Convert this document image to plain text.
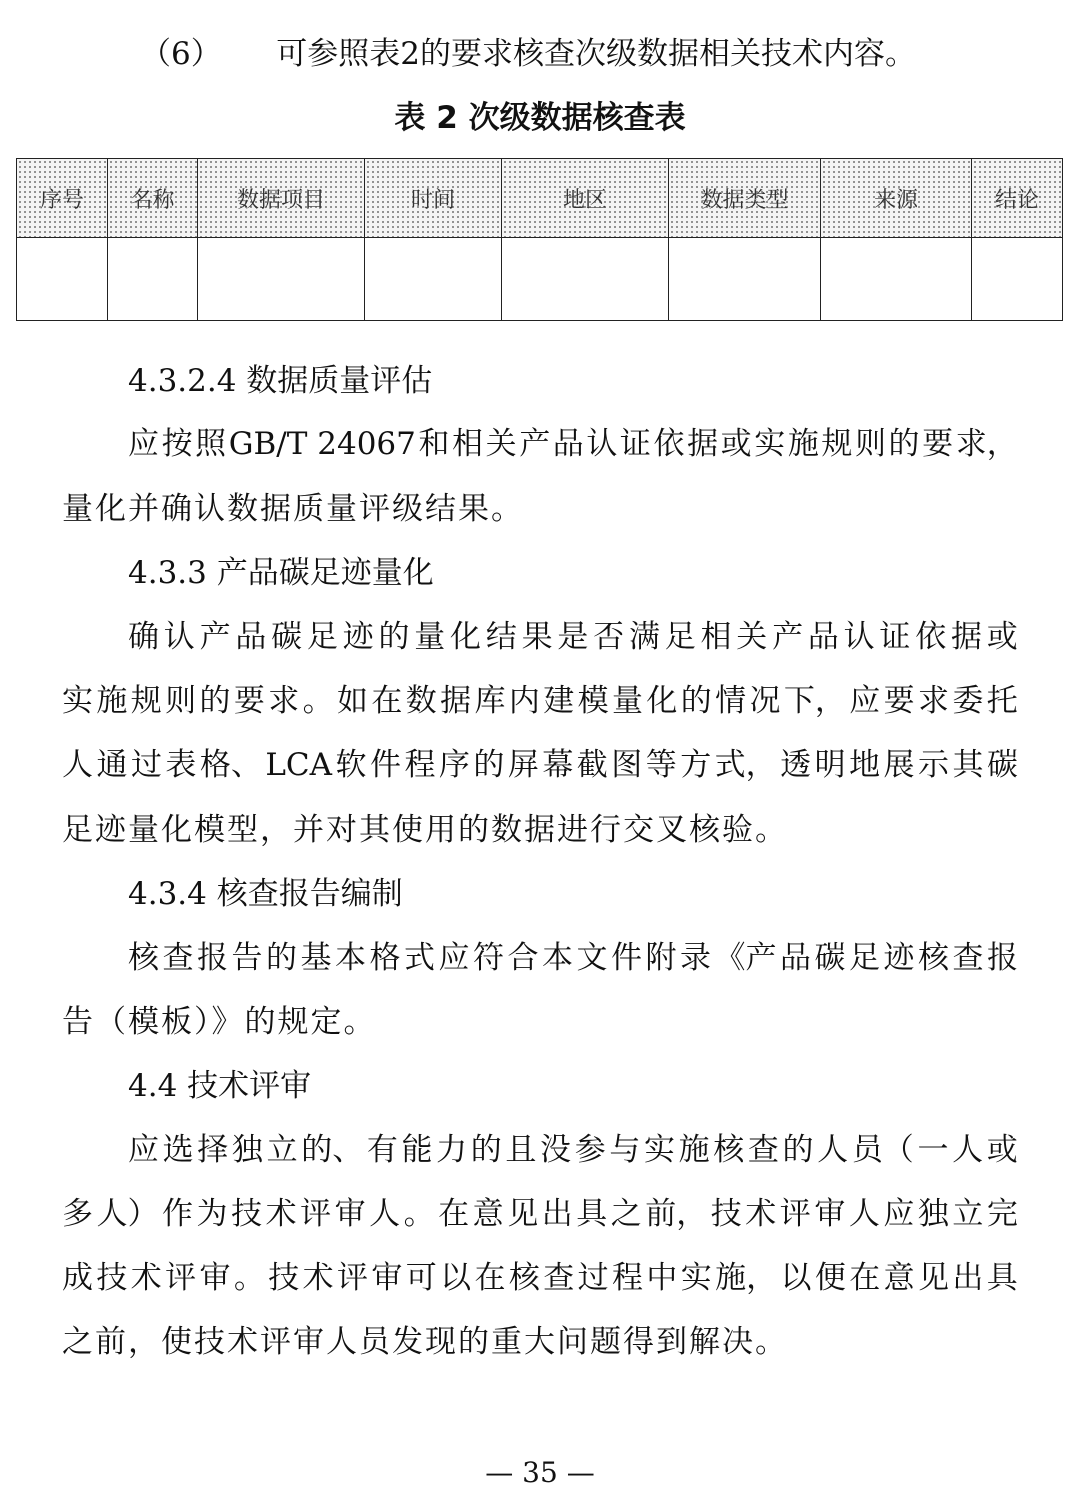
（6） 可参照表2的要求核查次级数据相关技术内容。
表 2 次级数据核查表
序号	名称	数据项目	时间	地区	数据类型	来源	结论

4.3.2.4 数据质量评估
应 按 照 GB/T 24067 和 相 关 产 品 认 证 依 据 或 实 施 规 则 的 要 求，
量化并确认数据质量评级结果。
4.3.3 产品碳足迹量化
确 认 产 品 碳 足 迹 的 量 化 结 果 是 否 满 足 相 关 产 品 认 证 依 据 或
实 施 规 则 的 要 求 。 如 在 数 据 库 内 建 模 量 化 的 情 况 下， 应 要 求 委 托
人 通 过 表 格、 LCA 软 件 程 序 的 屏 幕 截 图 等 方 式， 透 明 地 展 示 其 碳
足迹量化模型，并对其使用的数据进行交叉核验。
4.3.4 核查报告编制
核 查 报 告 的 基 本 格 式 应 符 合 本 文 件 附 录 《产 品 碳 足 迹 核 查 报
告（模板）》的规定。
4.4 技术评审
应 选 择 独 立 的、 有 能 力 的 且 没 参 与 实 施 核 查 的 人 员（ 一 人 或
多 人） 作 为 技 术 评 审 人 。 在 意 见 出 具 之 前， 技 术 评 审 人 应 独 立 完
成 技 术 评 审 。 技 术 评 审 可 以 在 核 查 过 程 中 实 施， 以 便 在 意 见 出 具
之前，使技术评审人员发现的重大问题得到解决。
— 35 —
